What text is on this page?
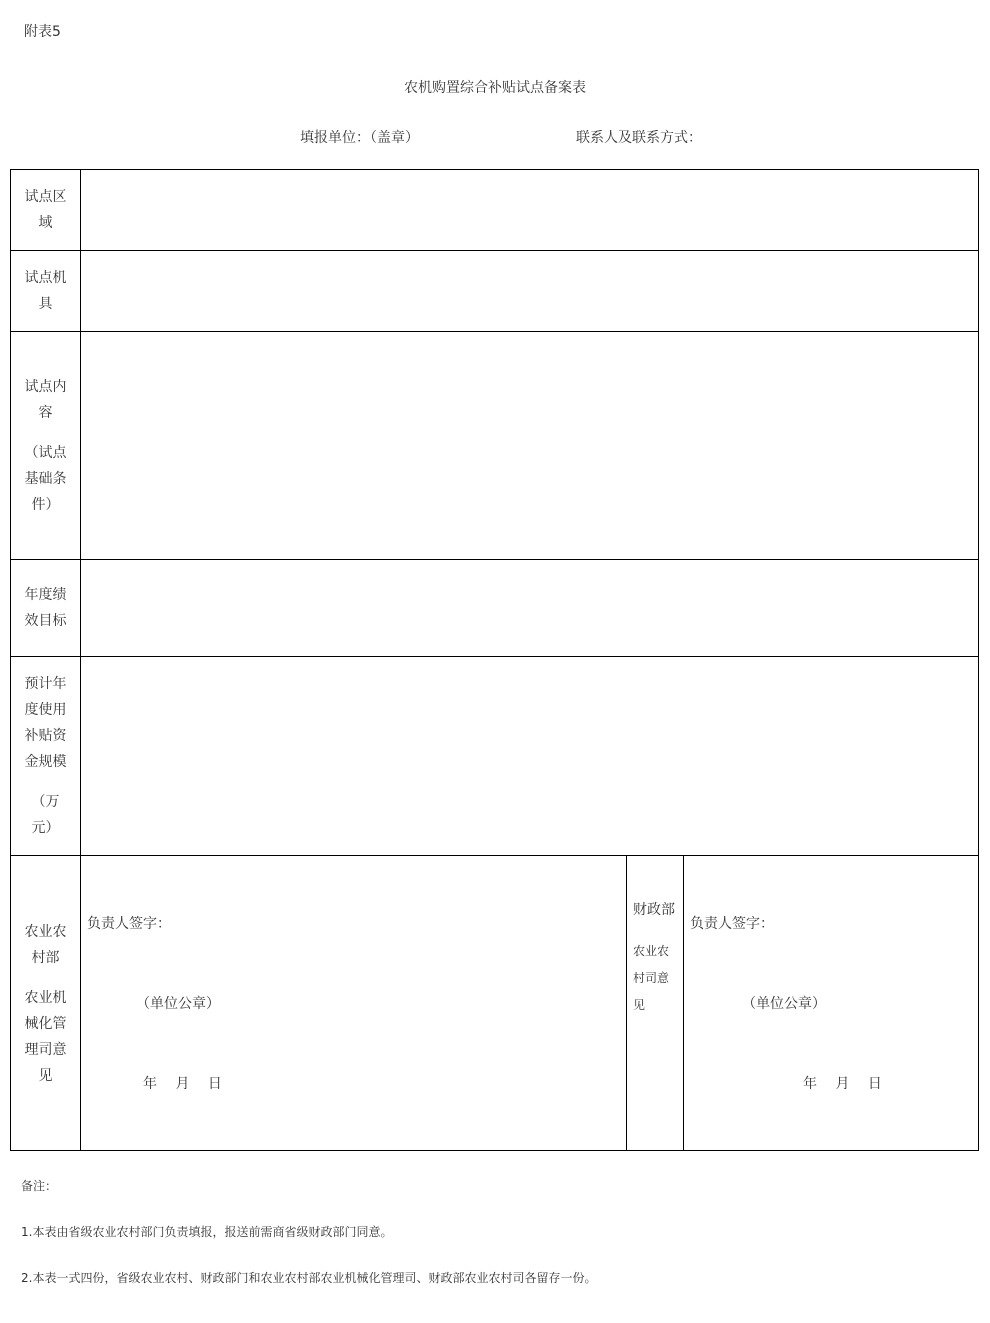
附表5
农机购置综合补贴试点备案表
填报单位：（盖章）	联系人及联系方式：
试点区
域
试点机
具
试点内
容
（试点
基础条
件）
年度绩
效目标
预计年
度使用
补贴资
金规模
（万
元）
农业农
村部
农业机
械化管
理司意
见
负责人签字：
（单位公章）
年 月 日
财政部
农业农
村司意
见
负责人签字：
（单位公章）
年 月 日
备注：
1.本表由省级农业农村部门负责填报，报送前需商省级财政部门同意。
2.本表一式四份，省级农业农村、财政部门和农业农村部农业机械化管理司、财政部农业农村司各留存一份。
